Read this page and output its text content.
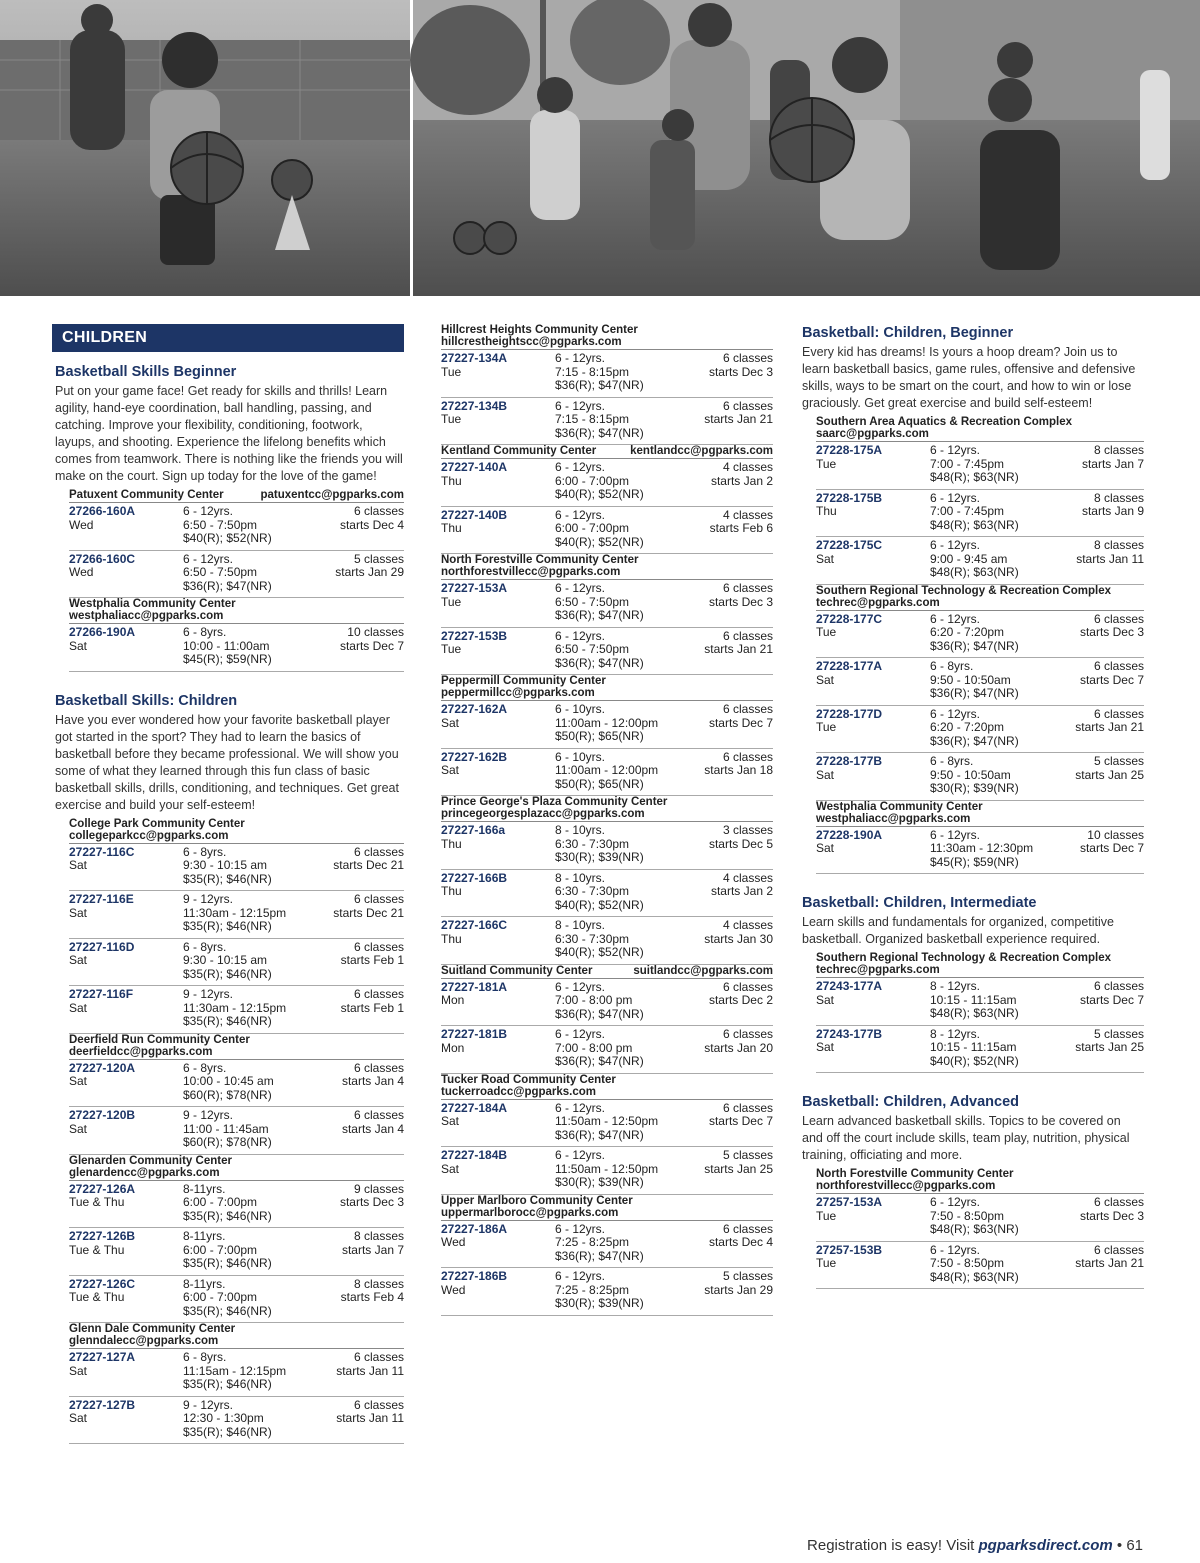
CHILDREN
Basketball Skills Beginner
Put on your game face! Get ready for skills and thrills! Learn agility, hand-eye coordination, ball handling, passing, and catching. Improve your flexibility, conditioning, footwork, layups, and shooting. Experience the lifelong benefits which comes from teamwork. There is nothing like the friends you will make on the court. Sign up today for the love of the game!
Patuxent Community Center	patuxentcc@pgparks.com
27266-160A	6 - 12yrs.	6 classes
Wed	6:50 - 7:50pm	starts Dec 4
$40(R); $52(NR)
27266-160C	6 - 12yrs.	5 classes
Wed	6:50 - 7:50pm	starts Jan 29
$36(R); $47(NR)
Westphalia Community Center
westphaliacc@pgparks.com
27266-190A	6 - 8yrs.	10 classes
Sat	10:00 - 11:00am	starts Dec 7
$45(R); $59(NR)
Basketball Skills: Children
Have you ever wondered how your favorite basketball player got started in the sport? They had to learn the basics of basketball before they became professional. We will show you some of what they learned through this fun class of basic basketball skills, drills, conditioning, and techniques. Get great exercise and build your self-esteem!
College Park Community Center
collegeparkcc@pgparks.com
27227-116C	6 - 8yrs.	6 classes
Sat	9:30 - 10:15 am	starts Dec 21
$35(R); $46(NR)
27227-116E	9 - 12yrs.	6 classes
Sat	11:30am - 12:15pm	starts Dec 21
$35(R); $46(NR)
27227-116D	6 - 8yrs.	6 classes
Sat	9:30 - 10:15 am	starts Feb 1
$35(R); $46(NR)
27227-116F	9 - 12yrs.	6 classes
Sat	11:30am - 12:15pm	starts Feb 1
$35(R); $46(NR)
Deerfield Run Community Center
deerfieldcc@pgparks.com
27227-120A	6 - 8yrs.	6 classes
Sat	10:00 - 10:45 am	starts Jan 4
$60(R); $78(NR)
27227-120B	9 - 12yrs.	6 classes
Sat	11:00 - 11:45am	starts Jan 4
$60(R); $78(NR)
Glenarden Community Center
glenardencc@pgparks.com
27227-126A	8-11yrs.	9 classes
Tue & Thu	6:00 - 7:00pm	starts Dec 3
$35(R); $46(NR)
27227-126B	8-11yrs.	8 classes
Tue & Thu	6:00 - 7:00pm	starts Jan 7
$35(R); $46(NR)
27227-126C	8-11yrs.	8 classes
Tue & Thu	6:00 - 7:00pm	starts Feb 4
$35(R); $46(NR)
Glenn Dale Community Center
glenndalecc@pgparks.com
27227-127A	6 - 8yrs.	6 classes
Sat	11:15am - 12:15pm	starts Jan 11
$35(R); $46(NR)
27227-127B	9 - 12yrs.	6 classes
Sat	12:30 - 1:30pm	starts Jan 11
$35(R); $46(NR)
Hillcrest Heights Community Center
hillcrestheightscc@pgparks.com
27227-134A	6 - 12yrs.	6 classes
Tue	7:15 - 8:15pm	starts Dec 3
$36(R); $47(NR)
27227-134B	6 - 12yrs.	6 classes
Tue	7:15 - 8:15pm	starts Jan 21
$36(R); $47(NR)
Kentland Community Center	kentlandcc@pgparks.com
27227-140A	6 - 12yrs.	4 classes
Thu	6:00 - 7:00pm	starts Jan 2
$40(R); $52(NR)
27227-140B	6 - 12yrs.	4 classes
Thu	6:00 - 7:00pm	starts Feb 6
$40(R); $52(NR)
North Forestville Community Center
northforestvillecc@pgparks.com
27227-153A	6 - 12yrs.	6 classes
Tue	6:50 - 7:50pm	starts Dec 3
$36(R); $47(NR)
27227-153B	6 - 12yrs.	6 classes
Tue	6:50 - 7:50pm	starts Jan 21
$36(R); $47(NR)
Peppermill Community Center
peppermillcc@pgparks.com
27227-162A	6 - 10yrs.	6 classes
Sat	11:00am - 12:00pm	starts Dec 7
$50(R); $65(NR)
27227-162B	6 - 10yrs.	6 classes
Sat	11:00am - 12:00pm	starts Jan 18
$50(R); $65(NR)
Prince George's Plaza Community Center
princegeorgesplazacc@pgparks.com
27227-166a	8 - 10yrs.	3 classes
Thu	6:30 - 7:30pm	starts Dec 5
$30(R); $39(NR)
27227-166B	8 - 10yrs.	4 classes
Thu	6:30 - 7:30pm	starts Jan 2
$40(R); $52(NR)
27227-166C	8 - 10yrs.	4 classes
Thu	6:30 - 7:30pm	starts Jan 30
$40(R); $52(NR)
Suitland Community Center	suitlandcc@pgparks.com
27227-181A	6 - 12yrs.	6 classes
Mon	7:00 - 8:00 pm	starts Dec 2
$36(R); $47(NR)
27227-181B	6 - 12yrs.	6 classes
Mon	7:00 - 8:00 pm	starts Jan 20
$36(R); $47(NR)
Tucker Road Community Center
tuckerroadcc@pgparks.com
27227-184A	6 - 12yrs.	6 classes
Sat	11:50am - 12:50pm	starts Dec 7
$36(R); $47(NR)
27227-184B	6 - 12yrs.	5 classes
Sat	11:50am - 12:50pm	starts Jan 25
$30(R); $39(NR)
Upper Marlboro Community Center
uppermarlborocc@pgparks.com
27227-186A	6 - 12yrs.	6 classes
Wed	7:25 - 8:25pm	starts Dec 4
$36(R); $47(NR)
27227-186B	6 - 12yrs.	5 classes
Wed	7:25 - 8:25pm	starts Jan 29
$30(R); $39(NR)
Basketball: Children, Beginner
Every kid has dreams! Is yours a hoop dream? Join us to learn basketball basics, game rules, offensive and defensive skills, ways to be smart on the court, and how to win or lose graciously. Get great exercise and build self-esteem!
Southern Area Aquatics & Recreation Complex
saarc@pgparks.com
27228-175A	6 - 12yrs.	8 classes
Tue	7:00 - 7:45pm	starts Jan 7
$48(R); $63(NR)
27228-175B	6 - 12yrs.	8 classes
Thu	7:00 - 7:45pm	starts Jan 9
$48(R); $63(NR)
27228-175C	6 - 12yrs.	8 classes
Sat	9:00 - 9:45 am	starts Jan 11
$48(R); $63(NR)
Southern Regional Technology & Recreation Complex
techrec@pgparks.com
27228-177C	6 - 12yrs.	6 classes
Tue	6:20 - 7:20pm	starts Dec 3
$36(R); $47(NR)
27228-177A	6 - 8yrs.	6 classes
Sat	9:50 - 10:50am	starts Dec 7
$36(R); $47(NR)
27228-177D	6 - 12yrs.	6 classes
Tue	6:20 - 7:20pm	starts Jan 21
$36(R); $47(NR)
27228-177B	6 - 8yrs.	5 classes
Sat	9:50 - 10:50am	starts Jan 25
$30(R); $39(NR)
Westphalia Community Center
westphaliacc@pgparks.com
27228-190A	6 - 12yrs.	10 classes
Sat	11:30am - 12:30pm	starts Dec 7
$45(R); $59(NR)
Basketball: Children, Intermediate
Learn skills and fundamentals for organized, competitive basketball. Organized basketball experience required.
Southern Regional Technology & Recreation Complex
techrec@pgparks.com
27243-177A	8 - 12yrs.	6 classes
Sat	10:15 - 11:15am	starts Dec 7
$48(R); $63(NR)
27243-177B	8 - 12yrs.	5 classes
Sat	10:15 - 11:15am	starts Jan 25
$40(R); $52(NR)
Basketball: Children, Advanced
Learn advanced basketball skills. Topics to be covered on and off the court include skills, team play, nutrition, physical training, officiating and more.
North Forestville Community Center
northforestvillecc@pgparks.com
27257-153A	6 - 12yrs.	6 classes
Tue	7:50 - 8:50pm	starts Dec 3
$48(R); $63(NR)
27257-153B	6 - 12yrs.	6 classes
Tue	7:50 - 8:50pm	starts Jan 21
$48(R); $63(NR)
Registration is easy! Visit pgparksdirect.com • 61
